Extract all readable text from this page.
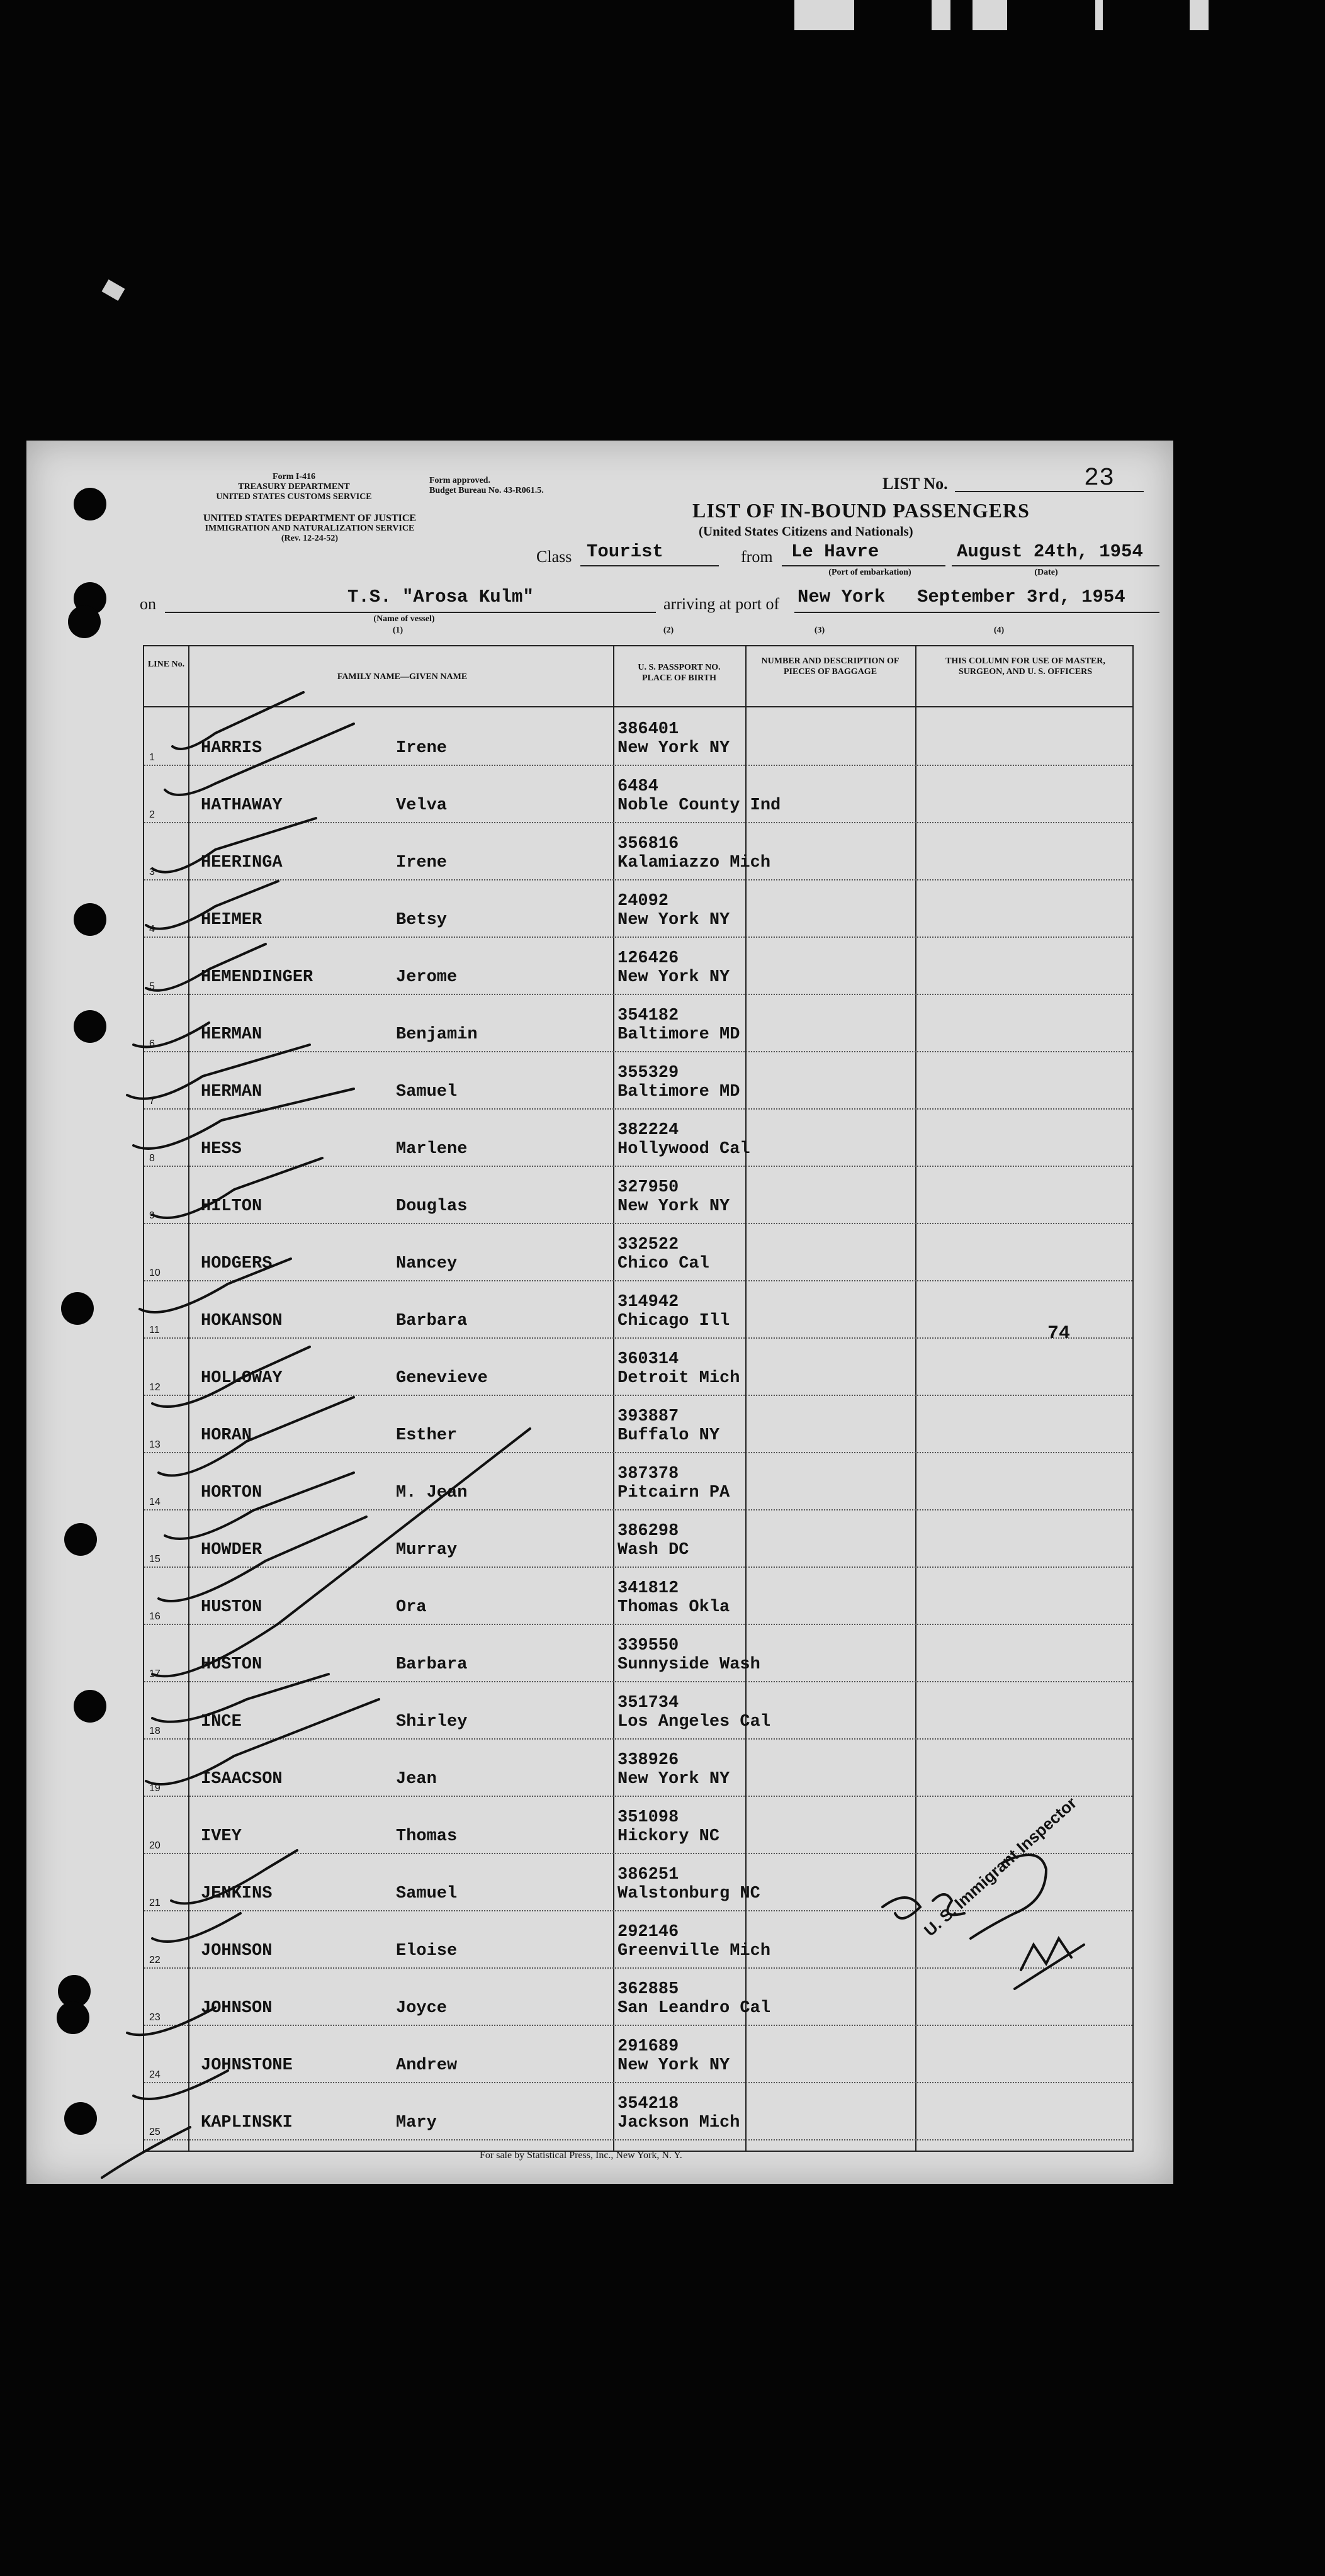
Form I-416
TREASURY DEPARTMENT
UNITED STATES CUSTOMS SERVICE
Form approved.
Budget Bureau No. 43-R061.5.
UNITED STATES DEPARTMENT OF JUSTICE
IMMIGRATION AND NATURALIZATION SERVICE
(Rev. 12-24-52)
LIST No.	23
LIST OF IN-BOUND PASSENGERS
(United States Citizens and Nationals)
Class Tourist	from Le Havre
(Port of embarkation)
August 24th, 1954
(Date)
on	T.S. "Arosa Kulm"
(Name of vessel)
arriving at port of New York September 3rd, 1954
(1)	(2)	(3)	(4)
LINE No.
FAMILY NAME—GIVEN NAME
U. S. PASSPORT NO. PLACE OF BIRTH
NUMBER AND DESCRIPTION OF PIECES OF BAGGAGE
THIS COLUMN FOR USE OF MASTER, SURGEON, AND U. S. OFFICERS
1	HARRIS	Irene
386401
New York NY
2	HATHAWAY	Velva
6484
Noble County Ind
3	HEERINGA	Irene
356816
Kalamiazzo Mich
4	HEIMER	Betsy
24092
New York NY
5	HEMENDINGER	Jerome
126426
New York NY
6	HERMAN	Benjamin
354182
Baltimore MD
7	HERMAN	Samuel
355329
Baltimore MD
8	HESS	Marlene
382224
Hollywood Cal
9	HILTON	Douglas
327950
New York NY
10 HODGERS	Nancey
332522
Chico Cal
11 HOKANSON	Barbara
314942
Chicago Ill
12 HOLLOWAY	Genevieve
360314
Detroit Mich
13 HORAN	Esther
393887
Buffalo NY
14 HORTON	M. Jean
387378
Pitcairn PA
15 HOWDER	Murray
386298
Wash DC
16 HUSTON	Ora
341812
Thomas Okla
17 HUSTON	Barbara
339550
Sunnyside Wash
18 INCE	Shirley
351734
Los Angeles Cal
19 ISAACSON	Jean
338926
New York NY
20 IVEY	Thomas
351098
Hickory NC
21 JENKINS	Samuel
386251
Walstonburg NC
22 JOHNSON	Eloise
292146
Greenville Mich
23 JOHNSON	Joyce
362885
San Leandro Cal
24 JOHNSTONE	Andrew
291689
New York NY
25 KAPLINSKI	Mary
354218
Jackson Mich
74
U. S. Immigrant Inspector
For sale by Statistical Press, Inc., New York, N. Y.
